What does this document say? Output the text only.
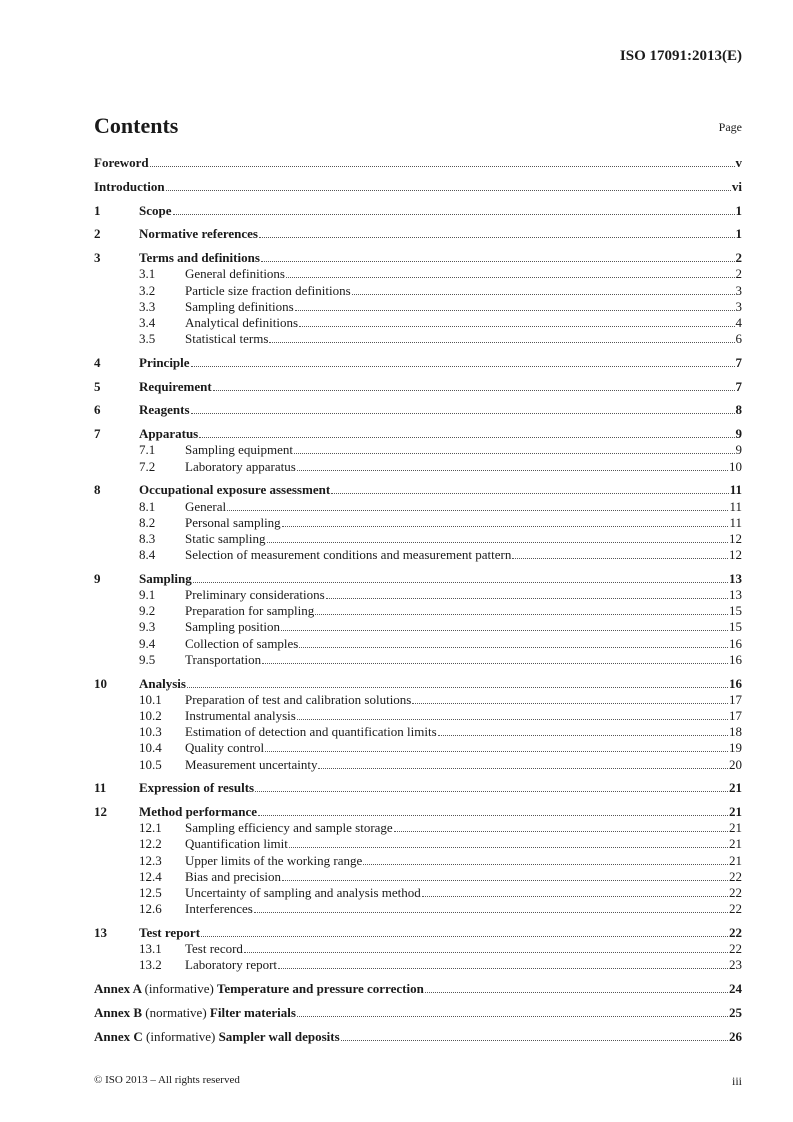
ISO 17091:2013(E)
Contents	Page
Foreword	v
Introduction	vi
1	Scope	1
2	Normative references	1
3	Terms and definitions	2
3.1	General definitions	2
3.2	Particle size fraction definitions	3
3.3	Sampling definitions	3
3.4	Analytical definitions	4
3.5	Statistical terms	6
4	Principle	7
5	Requirement	7
6	Reagents	8
7	Apparatus	9
7.1	Sampling equipment	9
7.2	Laboratory apparatus	10
8	Occupational exposure assessment	11
8.1	General	11
8.2	Personal sampling	11
8.3	Static sampling	12
8.4	Selection of measurement conditions and measurement pattern	12
9	Sampling	13
9.1	Preliminary considerations	13
9.2	Preparation for sampling	15
9.3	Sampling position	15
9.4	Collection of samples	16
9.5	Transportation	16
10	Analysis	16
10.1	Preparation of test and calibration solutions	17
10.2	Instrumental analysis	17
10.3	Estimation of detection and quantification limits	18
10.4	Quality control	19
10.5	Measurement uncertainty	20
11	Expression of results	21
12	Method performance	21
12.1	Sampling efficiency and sample storage	21
12.2	Quantification limit	21
12.3	Upper limits of the working range	21
12.4	Bias and precision	22
12.5	Uncertainty of sampling and analysis method	22
12.6	Interferences	22
13	Test report	22
13.1	Test record	22
13.2	Laboratory report	23
Annex A (informative) Temperature and pressure correction	24
Annex B (normative) Filter materials	25
Annex C (informative) Sampler wall deposits	26
© ISO 2013 – All rights reserved	iii
